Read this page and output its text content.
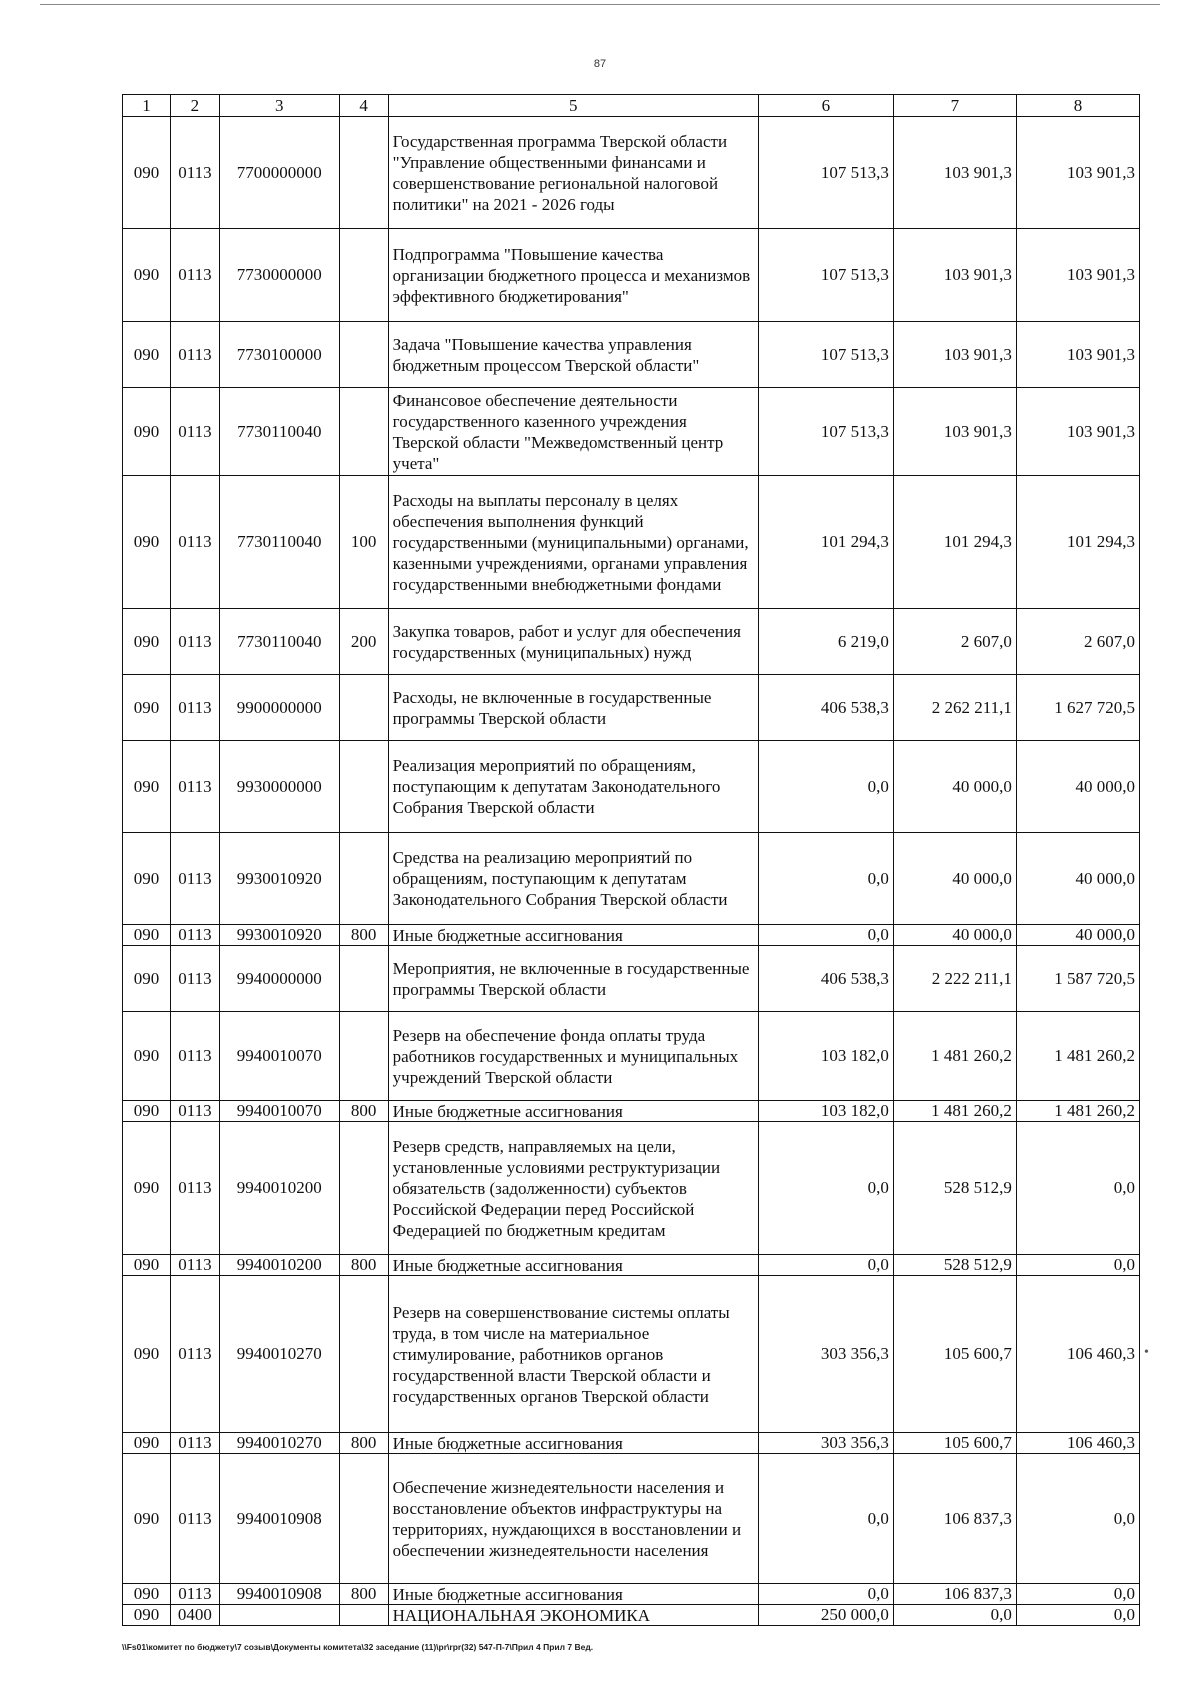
87
1	2	3	4	5	6	7	8
090	0113	7700000000		Государственная программа Тверской области "Управление общественными финансами и совершенствование региональной налоговой политики" на 2021 - 2026 годы	107 513,3	103 901,3	103 901,3
090	0113	7730000000		Подпрограмма "Повышение качества организации бюджетного процесса и механизмов эффективного бюджетирования"	107 513,3	103 901,3	103 901,3
090	0113	7730100000		Задача "Повышение качества управления бюджетным процессом Тверской области"	107 513,3	103 901,3	103 901,3
090	0113	7730110040		Финансовое обеспечение деятельности государственного казенного учреждения Тверской области "Межведомственный центр учета"	107 513,3	103 901,3	103 901,3
090	0113	7730110040	100	Расходы на выплаты персоналу в целях обеспечения выполнения функций государственными (муниципальными) органами, казенными учреждениями, органами управления государственными внебюджетными фондами	101 294,3	101 294,3	101 294,3
090	0113	7730110040	200	Закупка товаров, работ и услуг для обеспечения государственных (муниципальных) нужд	6 219,0	2 607,0	2 607,0
090	0113	9900000000		Расходы, не включенные в государственные программы Тверской области	406 538,3	2 262 211,1	1 627 720,5
090	0113	9930000000		Реализация мероприятий по обращениям, поступающим к депутатам Законодательного Собрания Тверской области	0,0	40 000,0	40 000,0
090	0113	9930010920		Средства на реализацию мероприятий по обращениям, поступающим к депутатам Законодательного Собрания Тверской области	0,0	40 000,0	40 000,0
090	0113	9930010920	800	Иные бюджетные ассигнования	0,0	40 000,0	40 000,0
090	0113	9940000000		Мероприятия, не включенные в государственные программы Тверской области	406 538,3	2 222 211,1	1 587 720,5
090	0113	9940010070		Резерв на обеспечение фонда оплаты труда работников государственных и муниципальных учреждений Тверской области	103 182,0	1 481 260,2	1 481 260,2
090	0113	9940010070	800	Иные бюджетные ассигнования	103 182,0	1 481 260,2	1 481 260,2
090	0113	9940010200		Резерв средств, направляемых на цели, установленные условиями реструктуризации обязательств (задолженности) субъектов Российской Федерации перед Российской Федерацией по бюджетным кредитам	0,0	528 512,9	0,0
090	0113	9940010200	800	Иные бюджетные ассигнования	0,0	528 512,9	0,0
090	0113	9940010270		Резерв на совершенствование системы оплаты труда, в том числе на материальное стимулирование, работников органов государственной власти Тверской области и государственных органов Тверской области	303 356,3	105 600,7	106 460,3
090	0113	9940010270	800	Иные бюджетные ассигнования	303 356,3	105 600,7	106 460,3
090	0113	9940010908		Обеспечение жизнедеятельности населения и восстановление объектов инфраструктуры на территориях, нуждающихся в восстановлении и обеспечении жизнедеятельности населения	0,0	106 837,3	0,0
090	0113	9940010908	800	Иные бюджетные ассигнования	0,0	106 837,3	0,0
090	0400			НАЦИОНАЛЬНАЯ ЭКОНОМИКА	250 000,0	0,0	0,0
•
\\Fs01\комитет по бюджету\7 созыв\Документы комитета\32 заседание (11)\pr\rpr(32) 547-П-7\Прил 4 Прил 7 Вед.
